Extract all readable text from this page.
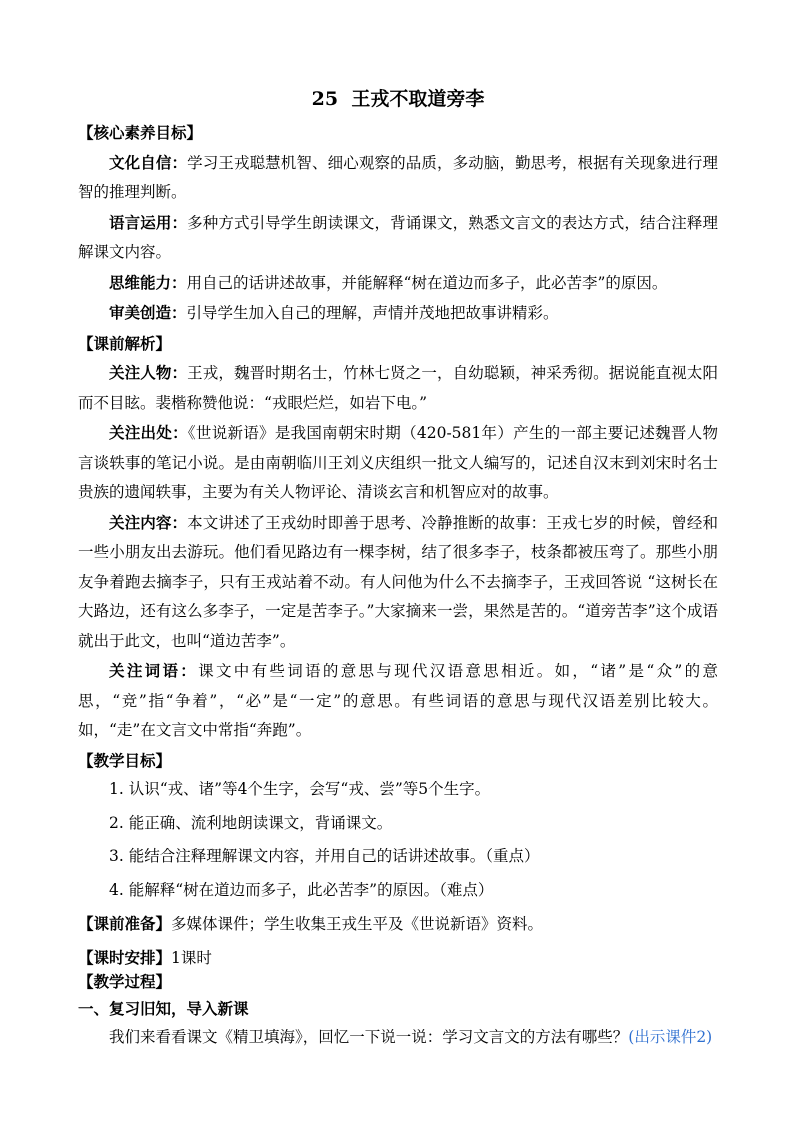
25  王戎不取道旁李
【核心素养目标】

文化自信：学习王戎聪慧机智、细心观察的品质，多动脑，勤思考，根据有关现象进行理智的推理判断。

语言运用：多种方式引导学生朗读课文，背诵课文，熟悉文言文的表达方式，结合注释理解课文内容。

思维能力：用自己的话讲述故事，并能解释“树在道边而多子，此必苦李”的原因。

审美创造：引导学生加入自己的理解，声情并茂地把故事讲精彩。

【课前解析】

关注人物：王戎，魏晋时期名士，竹林七贤之一，自幼聪颖，神采秀彻。据说能直视太阳而不目眩。裴楷称赞他说：“戎眼烂烂，如岩下电。”

关注出处：《世说新语》是我国南朝宋时期（420-581年）产生的一部主要记述魏晋人物言谈轶事的笔记小说。是由南朝临川王刘义庆组织一批文人编写的，记述自汉末到刘宋时名士贵族的遗闻轶事，主要为有关人物评论、清谈玄言和机智应对的故事。

关注内容：本文讲述了王戎幼时即善于思考、冷静推断的故事：王戎七岁的时候，曾经和一些小朋友出去游玩。他们看见路边有一棵李树，结了很多李子，枝条都被压弯了。那些小朋友争着跑去摘李子，只有王戎站着不动。有人问他为什么不去摘李子，王戎回答说 “这树长在大路边，还有这么多李子，一定是苦李子。”大家摘来一尝，果然是苦的。“道旁苦李”这个成语就出于此文，也叫“道边苦李”。

关注词语：课文中有些词语的意思与现代汉语意思相近。如，“诸”是“众”的意思，“竞”指“争着”，“必”是“一定”的意思。有些词语的意思与现代汉语差别比较大。如，“走”在文言文中常指“奔跑”。

【教学目标】
1. 认识“戎、诸”等4个生字，会写“戎、尝”等5个生字。
2. 能正确、流利地朗读课文，背诵课文。
3. 能结合注释理解课文内容，并用自己的话讲述故事。（重点）
4. 能解释“树在道边而多子，此必苦李”的原因。（难点）

【课前准备】多媒体课件；学生收集王戎生平及《世说新语》资料。

【课时安排】1课时

【教学过程】
一、复习旧知，导入新课

我们来看看课文《精卫填海》，回忆一下说一说：学习文言文的方法有哪些？(出示课件2)
